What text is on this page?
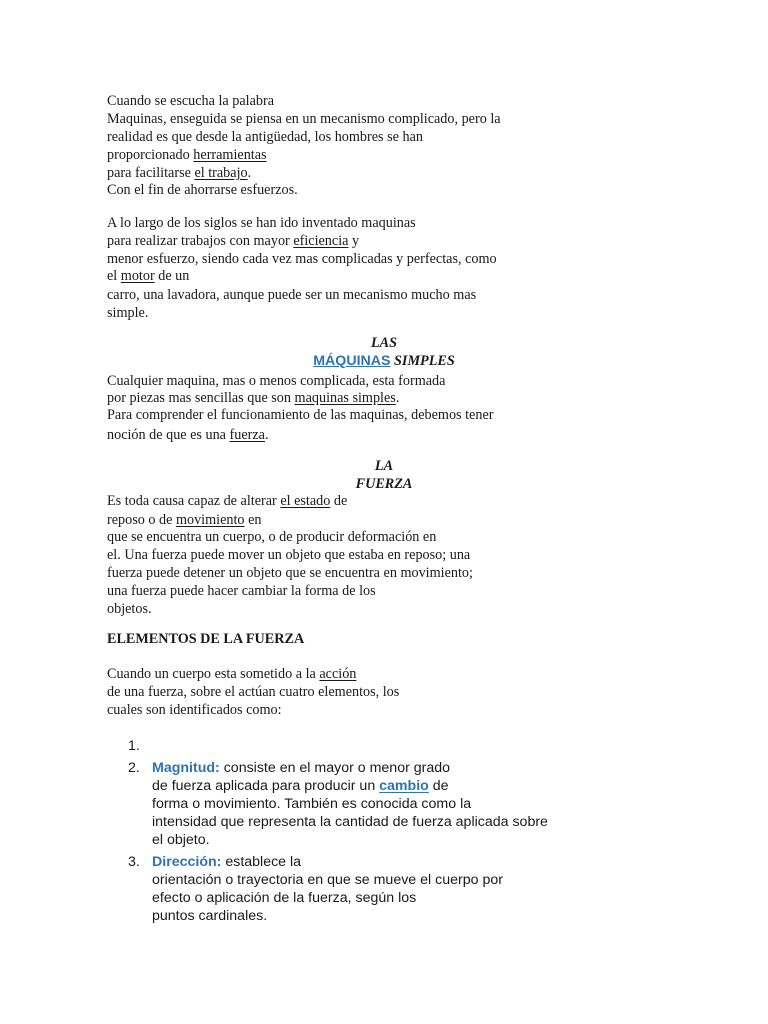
Cuando se escucha la palabra
Maquinas, enseguida se piensa en un mecanismo complicado, pero la
realidad es que desde la antigüedad, los hombres se han
proporcionado herramientas
para facilitarse el trabajo.
Con el fin de ahorrarse esfuerzos.
A lo largo de los siglos se han ido inventado maquinas
para realizar trabajos con mayor eficiencia y
menor esfuerzo, siendo cada vez mas complicadas y perfectas, como
el motor de un
carro, una lavadora, aunque puede ser un mecanismo mucho mas
simple.
LAS
MÁQUINAS SIMPLES
Cualquier maquina, mas o menos complicada, esta formada
por piezas mas sencillas que son maquinas simples.
Para comprender el funcionamiento de las maquinas, debemos tener
noción de que es una fuerza.
LA
FUERZA
Es toda causa capaz de alterar el estado de
reposo o de movimiento en
que se encuentra un cuerpo, o de producir deformación en
el. Una fuerza puede mover un objeto que estaba en reposo; una
fuerza puede detener un objeto que se encuentra en movimiento;
una fuerza puede hacer cambiar la forma de los
objetos.
ELEMENTOS DE LA FUERZA
Cuando un cuerpo esta sometido a la acción
de una fuerza, sobre el actúan cuatro elementos, los
cuales son identificados como:
1.
2. Magnitud: consiste en el mayor o menor grado
de fuerza aplicada para producir un cambio de
forma o movimiento. También es conocida como la
intensidad que representa la cantidad de fuerza aplicada sobre
el objeto.
3. Dirección: establece la
orientación o trayectoria en que se mueve el cuerpo por
efecto o aplicación de la fuerza, según los
puntos cardinales.
